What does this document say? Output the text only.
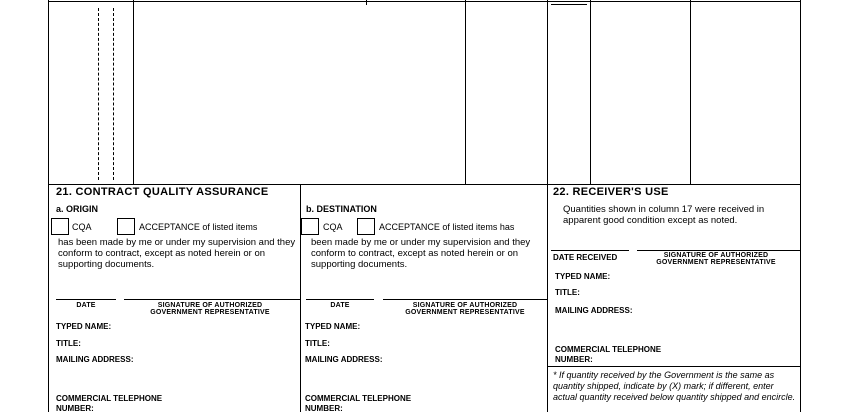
21. CONTRACT QUALITY ASSURANCE
a. ORIGIN
CQA	ACCEPTANCE of listed items
has been made by me or under my supervision and they conform to contract, except as noted herein or on supporting documents.
DATE	SIGNATURE OF AUTHORIZED GOVERNMENT REPRESENTATIVE
TYPED NAME:
TITLE:
MAILING ADDRESS:
COMMERCIAL TELEPHONE NUMBER:
b. DESTINATION
CQA	ACCEPTANCE of listed items has
been made by me or under my supervision and they conform to contract, except as noted herein or on supporting documents.
DATE	SIGNATURE OF AUTHORIZED GOVERNMENT REPRESENTATIVE
TYPED NAME:
TITLE:
MAILING ADDRESS:
COMMERCIAL TELEPHONE NUMBER:
22. RECEIVER'S USE
Quantities shown in column 17 were received in apparent good condition except as noted.
DATE RECEIVED	SIGNATURE OF AUTHORIZED GOVERNMENT REPRESENTATIVE
TYPED NAME:
TITLE:
MAILING ADDRESS:
COMMERCIAL TELEPHONE NUMBER:
* If quantity received by the Government is the same as quantity shipped, indicate by (X) mark; if different, enter actual quantity received below quantity shipped and encircle.
